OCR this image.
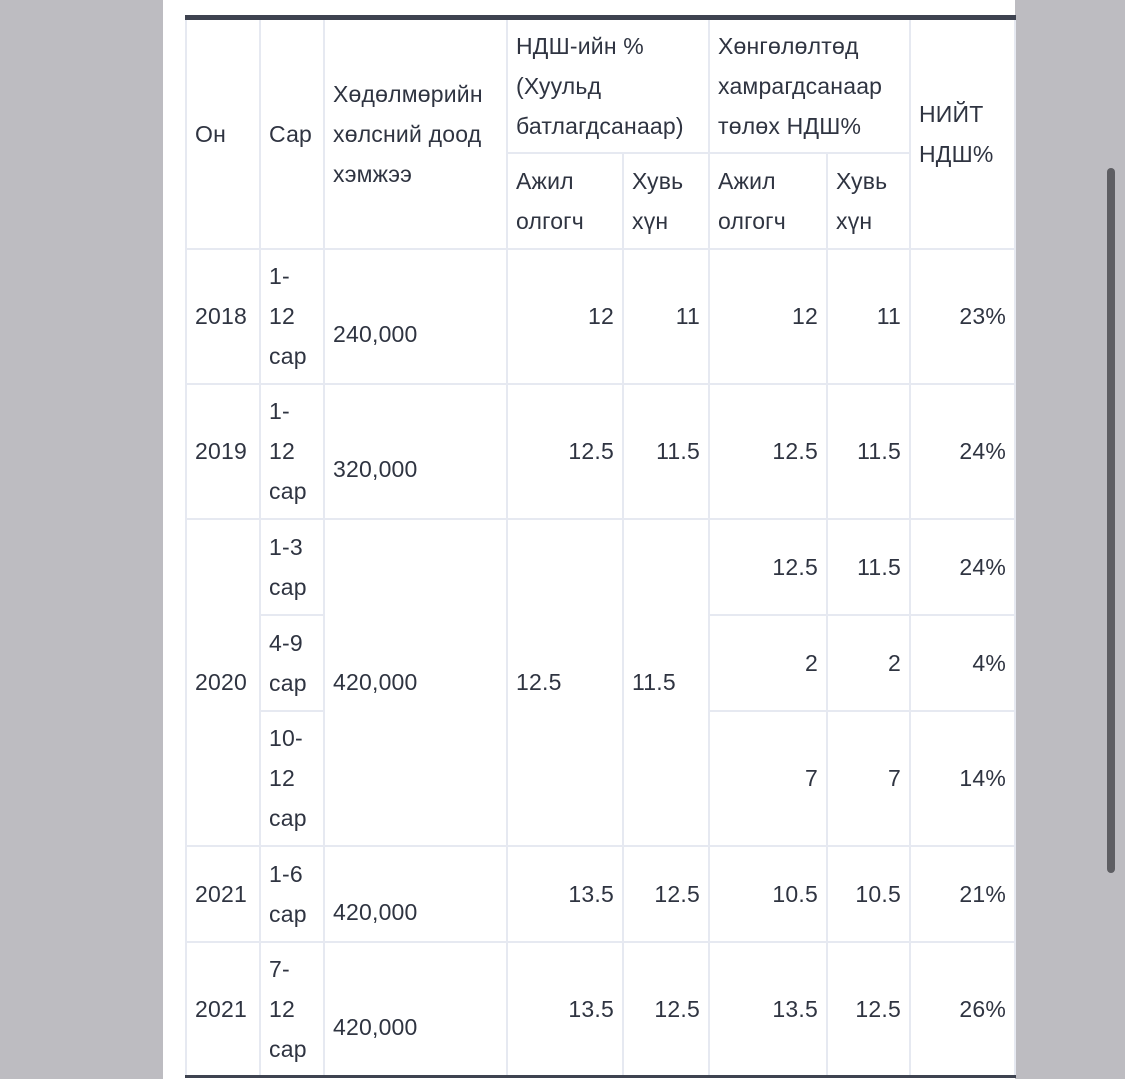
Он	Сар	Хөдөлмөрийн хөлсний доод хэмжээ	НДШ-ийн % (Хуульд батлагдсанаар)		Хөнгөлөлтөд хамрагдсанаар төлөх НДШ%		НИЙТ НДШ%
			Ажил олгогч	Хувь хүн	Ажил олгогч	Хувь хүн	
2018	1-12 сар	240,000	12	11	12	11	23%
2019	1-12 сар	320,000	12.5	11.5	12.5	11.5	24%
2020	1-3 сар	420,000	12.5	11.5	12.5	11.5	24%
	4-9 сар				2	2	4%
	10-12 сар				7	7	14%
2021	1-6 сар	420,000	13.5	12.5	10.5	10.5	21%
2021	7-12 сар	420,000	13.5	12.5	13.5	12.5	26%
